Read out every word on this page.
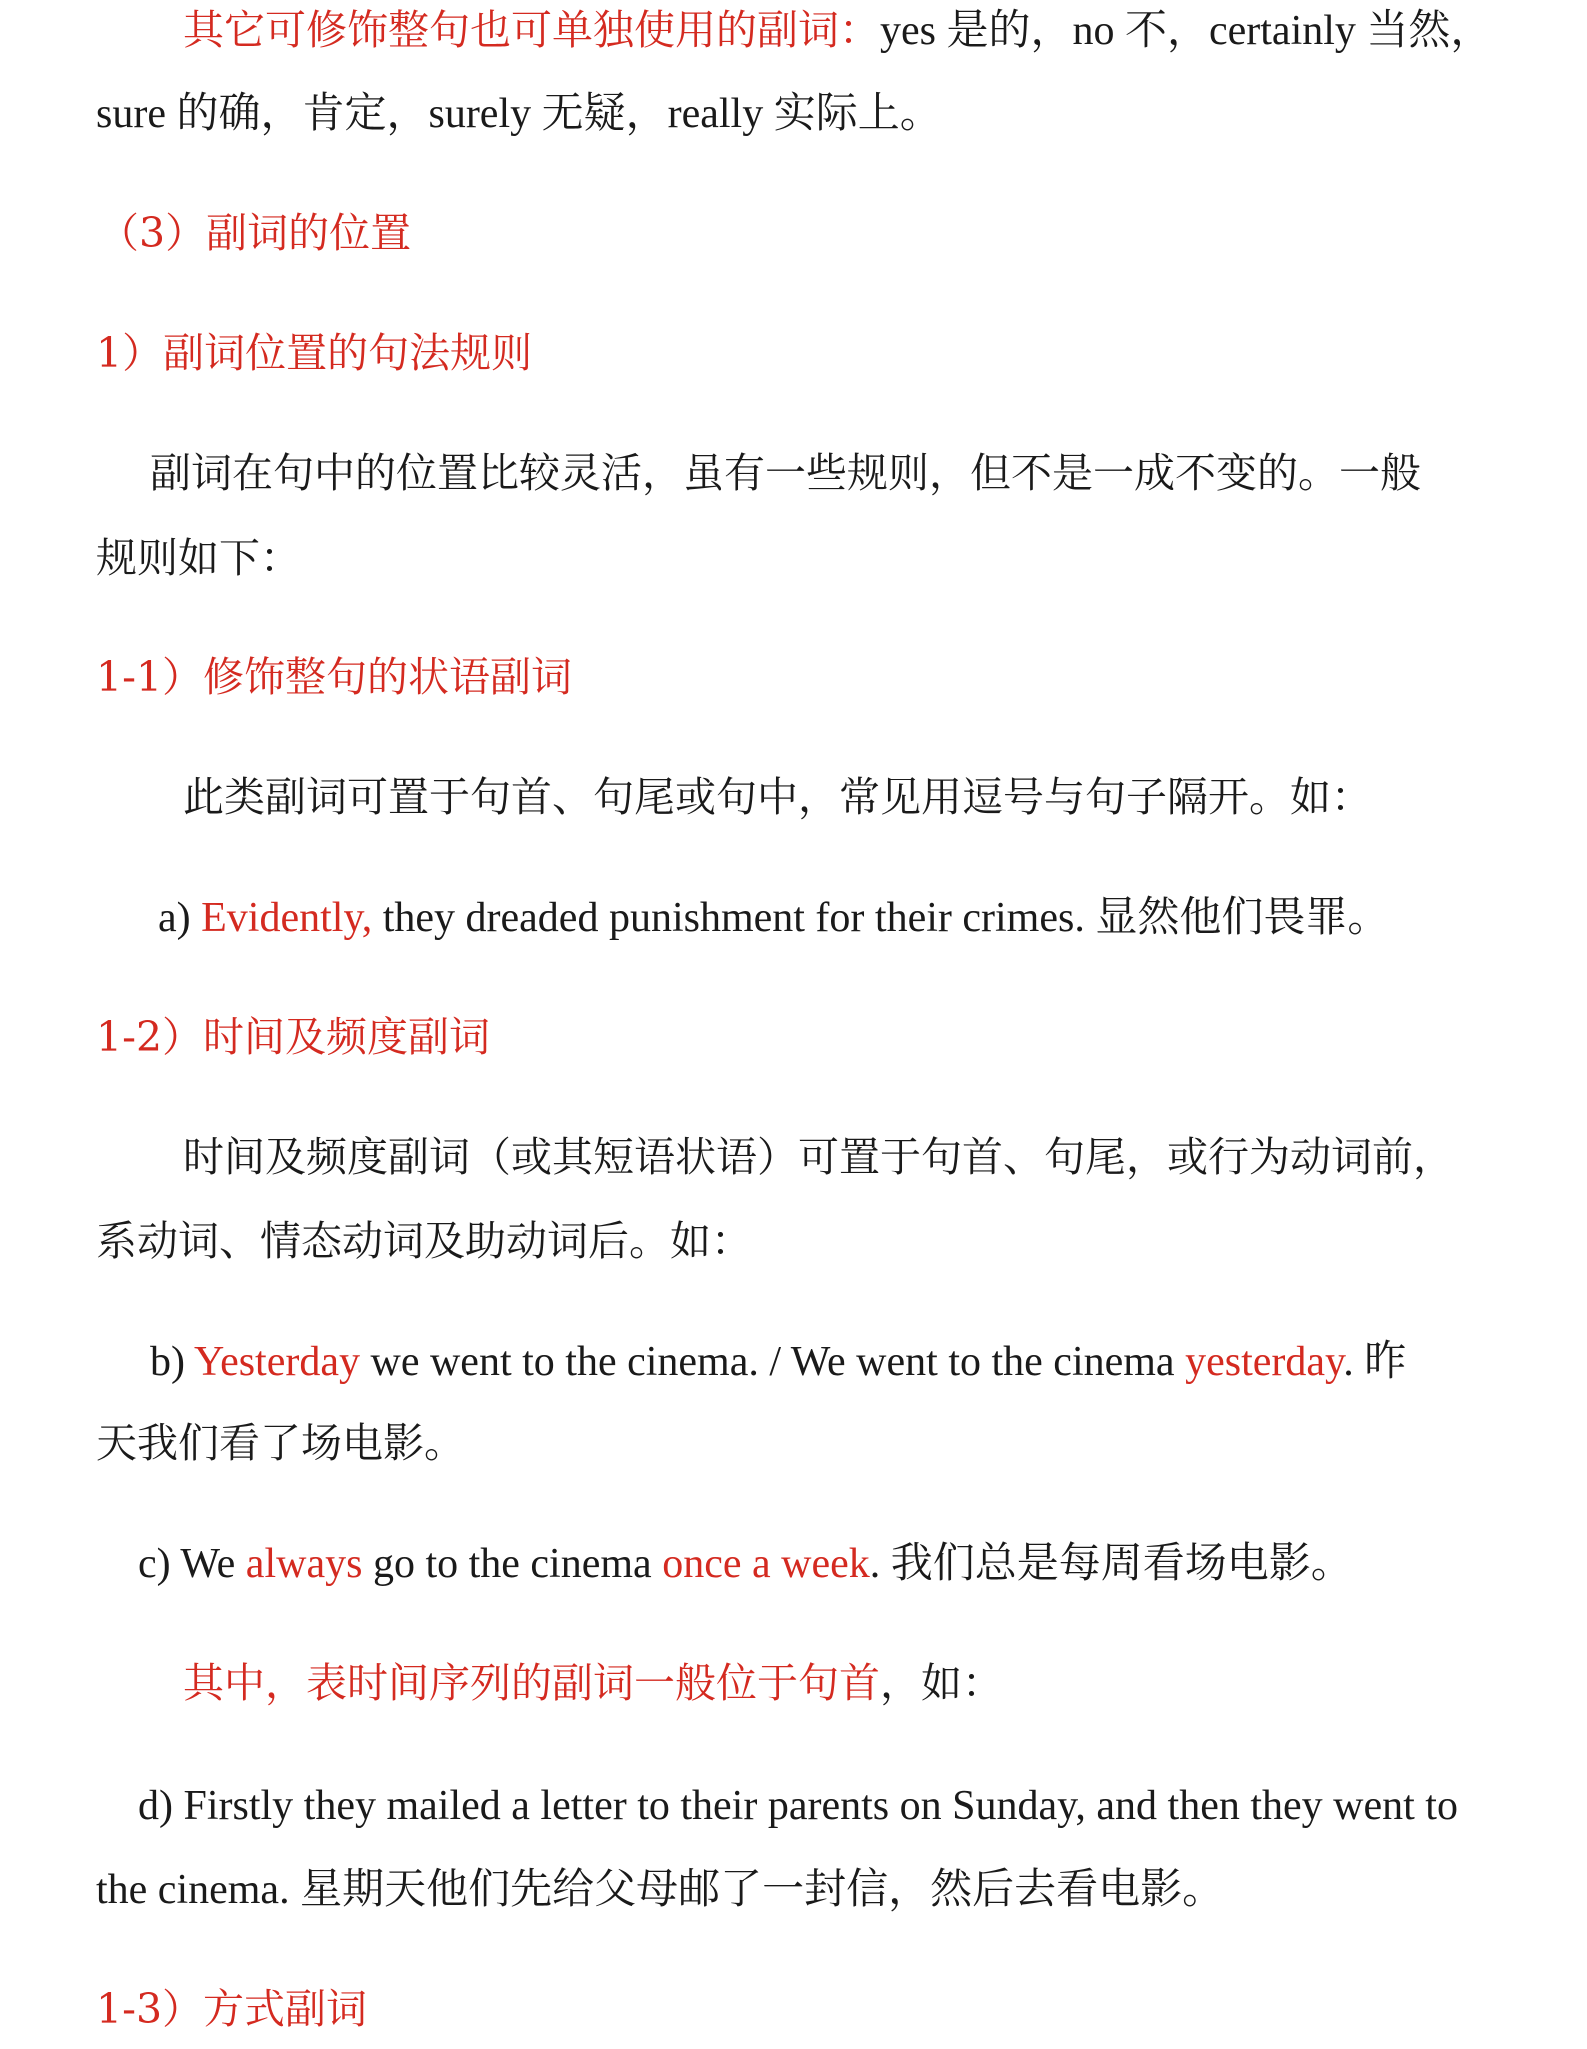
其它可修饰整句也可单独使用的副词：yes 是的，no 不，certainly 当然，
sure 的确，肯定，surely 无疑，really 实际上。
（3）副词的位置
1）副词位置的句法规则
副词在句中的位置比较灵活，虽有一些规则，但不是一成不变的。一般
规则如下：
1-1）修饰整句的状语副词
此类副词可置于句首、句尾或句中，常见用逗号与句子隔开。如：
a) Evidently, they dreaded punishment for their crimes. 显然他们畏罪。
1-2）时间及频度副词
时间及频度副词（或其短语状语）可置于句首、句尾，或行为动词前，
系动词、情态动词及助动词后。如：
b) Yesterday we went to the cinema. / We went to the cinema yesterday. 昨
天我们看了场电影。
c) We always go to the cinema once a week. 我们总是每周看场电影。
其中，表时间序列的副词一般位于句首，如：
d) Firstly they mailed a letter to their parents on Sunday, and then they went to
the cinema. 星期天他们先给父母邮了一封信，然后去看电影。
1-3）方式副词
